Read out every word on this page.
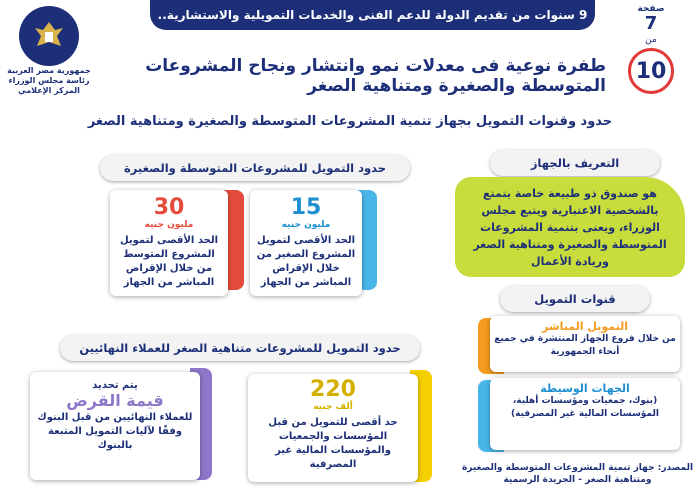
9 سنوات من تقديم الدولة للدعم الفنى والخدمات التمويلية والاستشارية..	صفحة
7
من
10
جمهورية مصر العربية
رئاسة مجلس الوزراء
المركز الإعلامي
طفرة نوعية فى معدلات نمو وانتشار ونجاح المشروعات المتوسطة والصغيرة ومتناهية الصغر
حدود وقنوات التمويل بجهاز تنمية المشروعات المتوسطة والصغيرة ومتناهية الصغر
التعريف بالجهاز
هو صندوق ذو طبيعة خاصة يتمتع بالشخصية الاعتبارية ويتبع مجلس الوزراء، ويعنى بتنمية المشروعات المتوسطة والصغيرة ومتناهية الصغر وريادة الأعمال
حدود التمويل للمشروعات المتوسطة والصغيرة
15
مليون جنيه
الحد الأقصى لتمويل المشروع الصغير من خلال الإقراض المباشر من الجهاز
30
مليون جنيه
الحد الأقصى لتمويل المشروع المتوسط من خلال الإقراض المباشر من الجهاز
قنوات التمويل
التمويل المباشر
من خلال فروع الجهاز المنتشرة في جميع أنحاء الجمهورية
الجهات الوسيطة
(بنوك، جمعيات ومؤسسات أهلية، المؤسسات المالية غير المصرفية)
حدود التمويل للمشروعات متناهية الصغر للعملاء النهائيين
220
ألف جنيه
حد أقصى للتمويل من قبل المؤسسات والجمعيات والمؤسسات المالية غير المصرفية
يتم تحديد
قيمة القرض
للعملاء النهائيين من قبل البنوك وفقًا لآليات التمويل المتبعة بالبنوك
المصدر: جهاز تنمية المشروعات المتوسطة والصغيرة ومتناهية الصغر - الجريدة الرسمية
